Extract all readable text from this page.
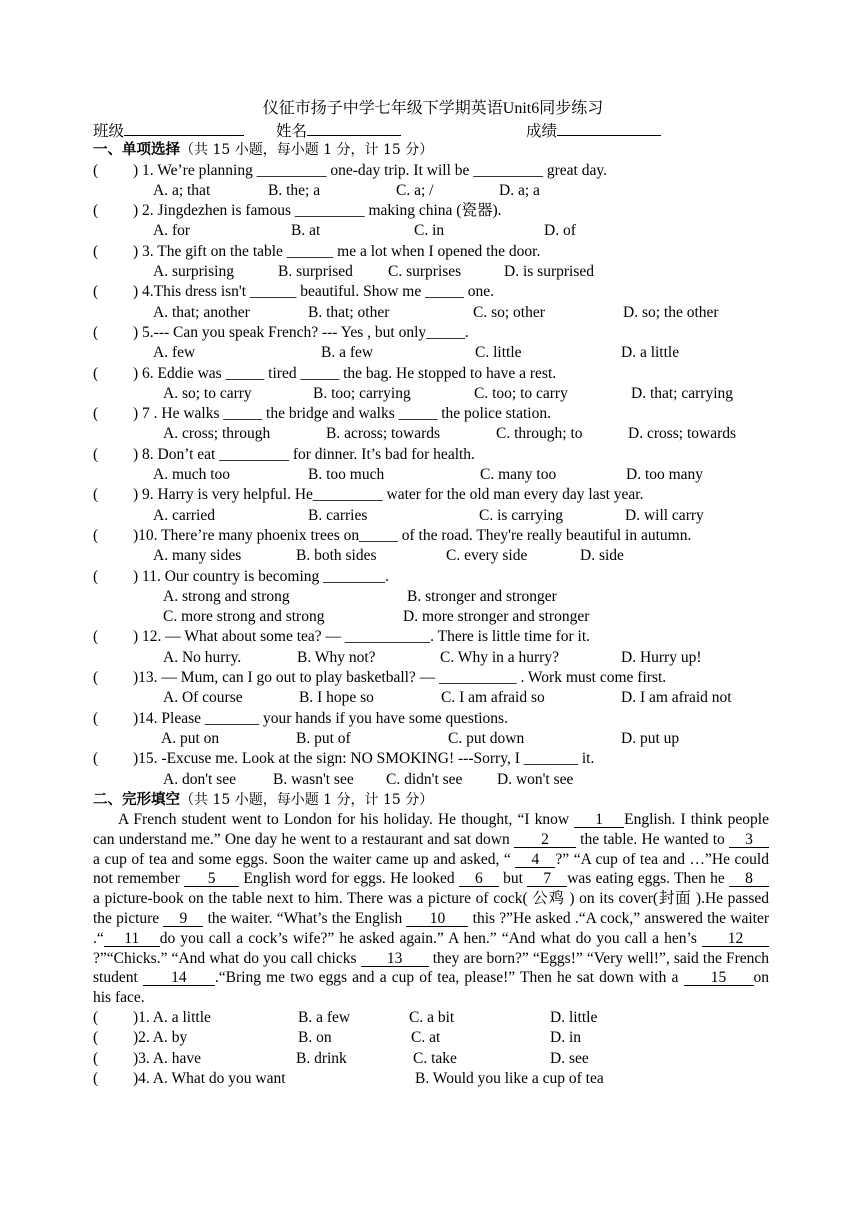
仪征市扬子中学七年级下学期英语Unit6同步练习
班级	姓名	成绩
一、单项选择（共 15 小题，每小题 1 分，计 15 分）
( ) 1. We’re planning _________ one-day trip. It will be _________ great day.
A. a; that	B. the; a	C. a; /	D. a; a
( ) 2. Jingdezhen is famous _________ making china (瓷器).
A. for	B. at	C. in	D. of
( ) 3. The gift on the table ______ me a lot when I opened the door.
A. surprising	B. surprised C. surprises	D. is surprised
( ) 4.This dress isn't ______ beautiful. Show me _____ one.
A. that; another	B. that; other	C. so; other	D. so; the other
( ) 5.--- Can you speak French? --- Yes , but only_____.
A. few	B. a few	C. little	D. a little
( ) 6. Eddie was _____ tired _____ the bag. He stopped to have a rest.
A. so; to carry	B. too; carrying	C. too; to carry	D. that; carrying
( ) 7 . He walks _____ the bridge and walks _____ the police station.
A. cross; through	B. across; towards	C. through; to	D. cross; towards
( ) 8. Don’t eat _________ for dinner. It’s bad for health.
A. much too	B. too much	C. many too	D. too many
( ) 9. Harry is very helpful. He_________ water for the old man every day last year.
A. carried	B. carries	C. is carrying	D. will carry
( )10. There’re many phoenix trees on_____ of the road. They're really beautiful in autumn.
A. many sides	B. both sides	C. every side	D. side
( ) 11. Our country is becoming ________.
A. strong and strong	B. stronger and stronger
C. more strong and strong	D. more stronger and stronger
( ) 12. — What about some tea? — ___________. There is little time for it.
A. No hurry.	B. Why not?	C. Why in a hurry?	D. Hurry up!
( )13. — Mum, can I go out to play basketball? — __________ . Work must come first.
A. Of course	B. I hope so	C. I am afraid so	D. I am afraid not
( )14. Please _______ your hands if you have some questions.
A. put on	B. put of	C. put down	D. put up
( )15. -Excuse me. Look at the sign: NO SMOKING! ---Sorry, I _______ it.
A. don't see B. wasn't see C. didn't see D. won't see
二、完形填空（共 15 小题，每小题 1 分，计 15 分）

A French student went to London for his holiday. He thought, “I know 1 English. I think people can understand me.” One day he went to a restaurant and sat down 2 the table. He wanted to 3a cup of tea and some eggs. Soon the waiter came up and asked, “ 4 ?” “A cup of tea and …”He could not remember 5 English word for eggs. He looked 6 but 7 was eating eggs. Then he 8a picture-book on the table next to him. There was a picture of cock( 公鸡 ) on its cover(封面 ).He passed the picture 9 the waiter. “What’s the English 10 this ?”He asked .“A cock,” answered the waiter .“ 11 do you call a cock’s wife?” he asked again.” A hen.” “And what do you call a hen’s 12?”“Chicks.” “And what do you call chicks 13 they are born?” “Eggs!” “Very well!”, said the French student 14 .“Bring me two eggs and a cup of tea, please!” Then he sat down with a 15 on his face.

( )1. A. a little	B. a few	C. a bit	D. little
( )2. A. by	B. on	C. at	D. in
( )3. A. have	B. drink	C. take	D. see
( )4. A. What do you want	B. Would you like a cup of tea
